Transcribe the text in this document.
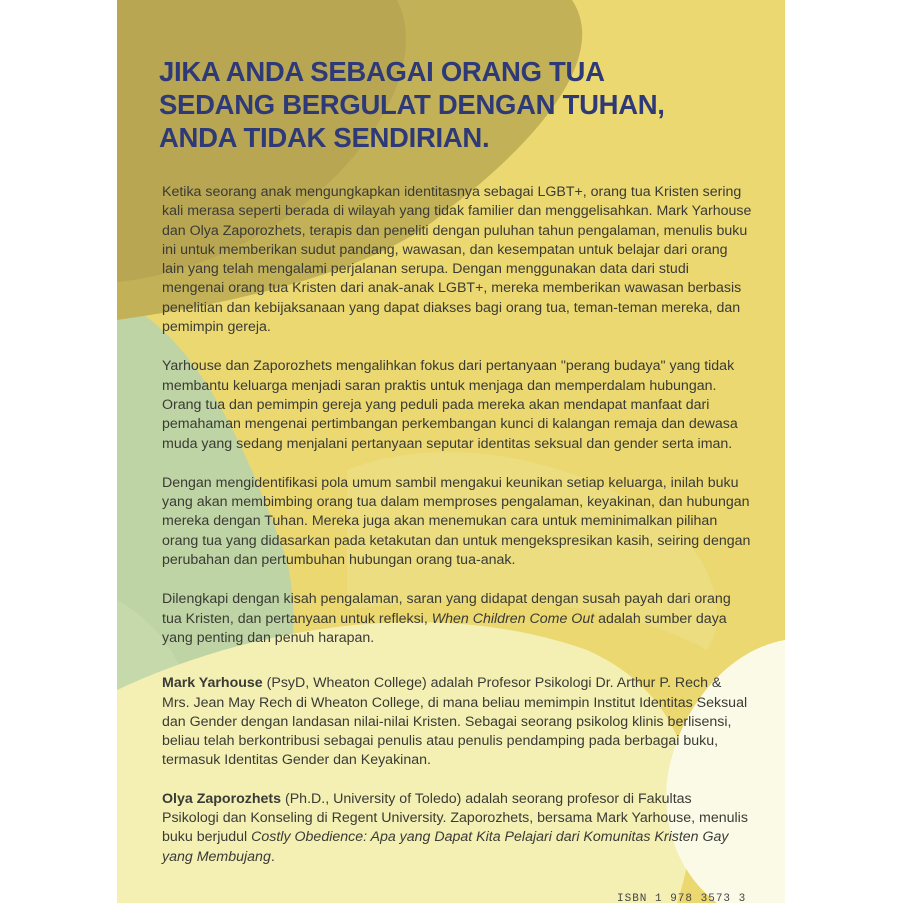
JIKA ANDA SEBAGAI ORANG TUA
SEDANG BERGULAT DENGAN TUHAN,
ANDA TIDAK SENDIRIAN.

Ketika seorang anak mengungkapkan identitasnya sebagai LGBT+, orang tua Kristen sering kali merasa seperti berada di wilayah yang tidak familier dan menggelisahkan. Mark Yarhouse dan Olya Zaporozhets, terapis dan peneliti dengan puluhan tahun pengalaman, menulis buku ini untuk memberikan sudut pandang, wawasan, dan kesempatan untuk belajar dari orang lain yang telah mengalami perjalanan serupa. Dengan menggunakan data dari studi mengenai orang tua Kristen dari anak-anak LGBT+, mereka memberikan wawasan berbasis penelitian dan kebijaksanaan yang dapat diakses bagi orang tua, teman-teman mereka, dan pemimpin gereja.

Yarhouse dan Zaporozhets mengalihkan fokus dari pertanyaan "perang budaya" yang tidak membantu keluarga menjadi saran praktis untuk menjaga dan memperdalam hubungan. Orang tua dan pemimpin gereja yang peduli pada mereka akan mendapat manfaat dari pemahaman mengenai pertimbangan perkembangan kunci di kalangan remaja dan dewasa muda yang sedang menjalani pertanyaan seputar identitas seksual dan gender serta iman.

Dengan mengidentifikasi pola umum sambil mengakui keunikan setiap keluarga, inilah buku yang akan membimbing orang tua dalam memproses pengalaman, keyakinan, dan hubungan mereka dengan Tuhan. Mereka juga akan menemukan cara untuk meminimalkan pilihan orang tua yang didasarkan pada ketakutan dan untuk mengekspresikan kasih, seiring dengan perubahan dan pertumbuhan hubungan orang tua-anak.

Dilengkapi dengan kisah pengalaman, saran yang didapat dengan susah payah dari orang tua Kristen, dan pertanyaan untuk refleksi, When Children Come Out adalah sumber daya yang penting dan penuh harapan.

Mark Yarhouse (PsyD, Wheaton College) adalah Profesor Psikologi Dr. Arthur P. Rech & Mrs. Jean May Rech di Wheaton College, di mana beliau memimpin Institut Identitas Seksual dan Gender dengan landasan nilai-nilai Kristen. Sebagai seorang psikolog klinis berlisensi, beliau telah berkontribusi sebagai penulis atau penulis pendamping pada berbagai buku, termasuk Identitas Gender dan Keyakinan.

Olya Zaporozhets (Ph.D., University of Toledo) adalah seorang profesor di Fakultas Psikologi dan Konseling di Regent University. Zaporozhets, bersama Mark Yarhouse, menulis buku berjudul Costly Obedience: Apa yang Dapat Kita Pelajari dari Komunitas Kristen Gay yang Membujang.

ISBN 1 978 3573 3
